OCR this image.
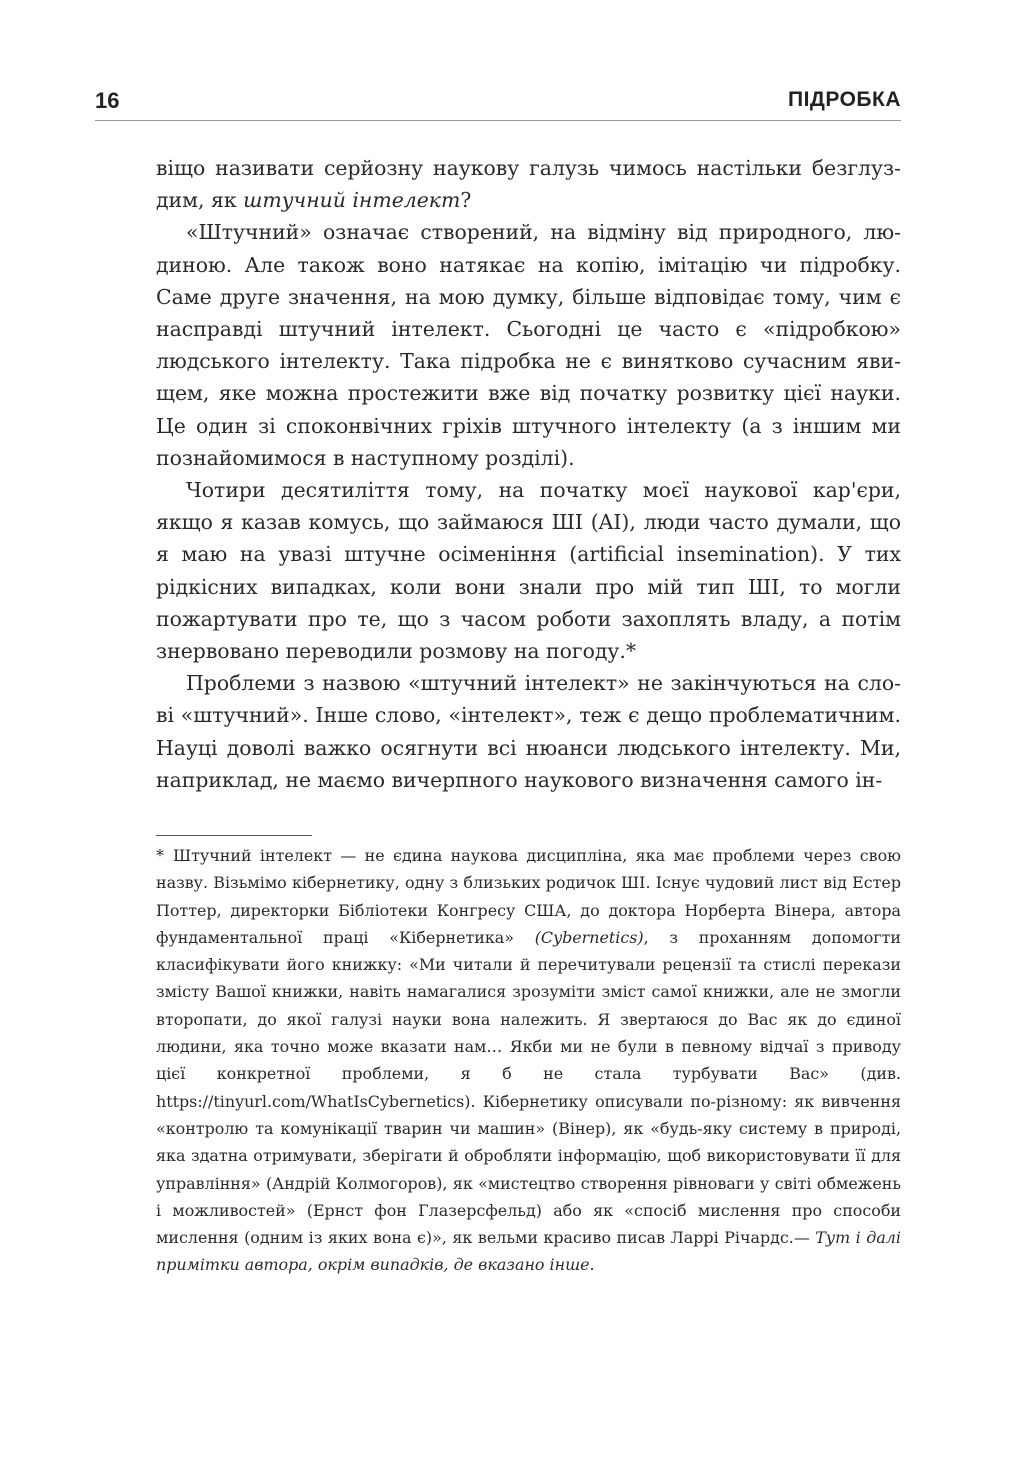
16	ПІДРОБКА

віщо називати серйозну наукову галузь чимось настільки безглуздим, як штучний інтелект?

«Штучний» означає створений, на відміну від природного, людиною. Але також воно натякає на копію, імітацію чи підробку. Саме друге значення, на мою думку, більше відповідає тому, чим є насправді штучний інтелект. Сьогодні це часто є «підробкою» людського інтелекту. Така підробка не є винятково сучасним явищем, яке можна простежити вже від початку розвитку цієї науки. Це один зі споконвічних гріхів штучного інтелекту (а з іншим ми познайомимося в наступному розділі).

Чотири десятиліття тому, на початку моєї наукової кар'єри, якщо я казав комусь, що займаюся ШІ (AI), люди часто думали, що я маю на увазі штучне осіменіння (artificial insemination). У тих рідкісних випадках, коли вони знали про мій тип ШІ, то могли пожартувати про те, що з часом роботи захоплять владу, а потім знервовано переводили розмову на погоду.*

Проблеми з назвою «штучний інтелект» не закінчуються на слові «штучний». Інше слово, «інтелект», теж є дещо проблематичним. Науці доволі важко осягнути всі нюанси людського інтелекту. Ми, наприклад, не маємо вичерпного наукового визначення самого ін-

* Штучний інтелект — не єдина наукова дисципліна, яка має проблеми через свою назву. Візьмімо кібернетику, одну з близьких родичок ШІ. Існує чудовий лист від Естер Поттер, директорки Бібліотеки Конгресу США, до доктора Норберта Вінера, автора фундаментальної праці «Кібернетика» (Cybernetics), з проханням допомогти класифікувати його книжку: «Ми читали й перечитували рецензії та стислі перекази змісту Вашої книжки, навіть намагалися зрозуміти зміст самої книжки, але не змогли второпати, до якої галузі науки вона належить. Я звертаюся до Вас як до єдиної людини, яка точно може вказати нам… Якби ми не були в певному відчаї з приводу цієї конкретної проблеми, я б не стала турбувати Вас» (див. https://tinyurl.com/WhatIsCybernetics). Кібернетику описували по-різному: як вивчення «контролю та комунікації тварин чи машин» (Вінер), як «будь-яку систему в природі, яка здатна отримувати, зберігати й обробляти інформацію, щоб використовувати її для управління» (Андрій Колмогоров), як «мистецтво створення рівноваги у світі обмежень і можливостей» (Ернст фон Глазерсфельд) або як «спосіб мислення про способи мислення (одним із яких вона є)», як вельми красиво писав Ларрі Річардс.— Тут і далі примітки автора, окрім випадків, де вказано інше.
